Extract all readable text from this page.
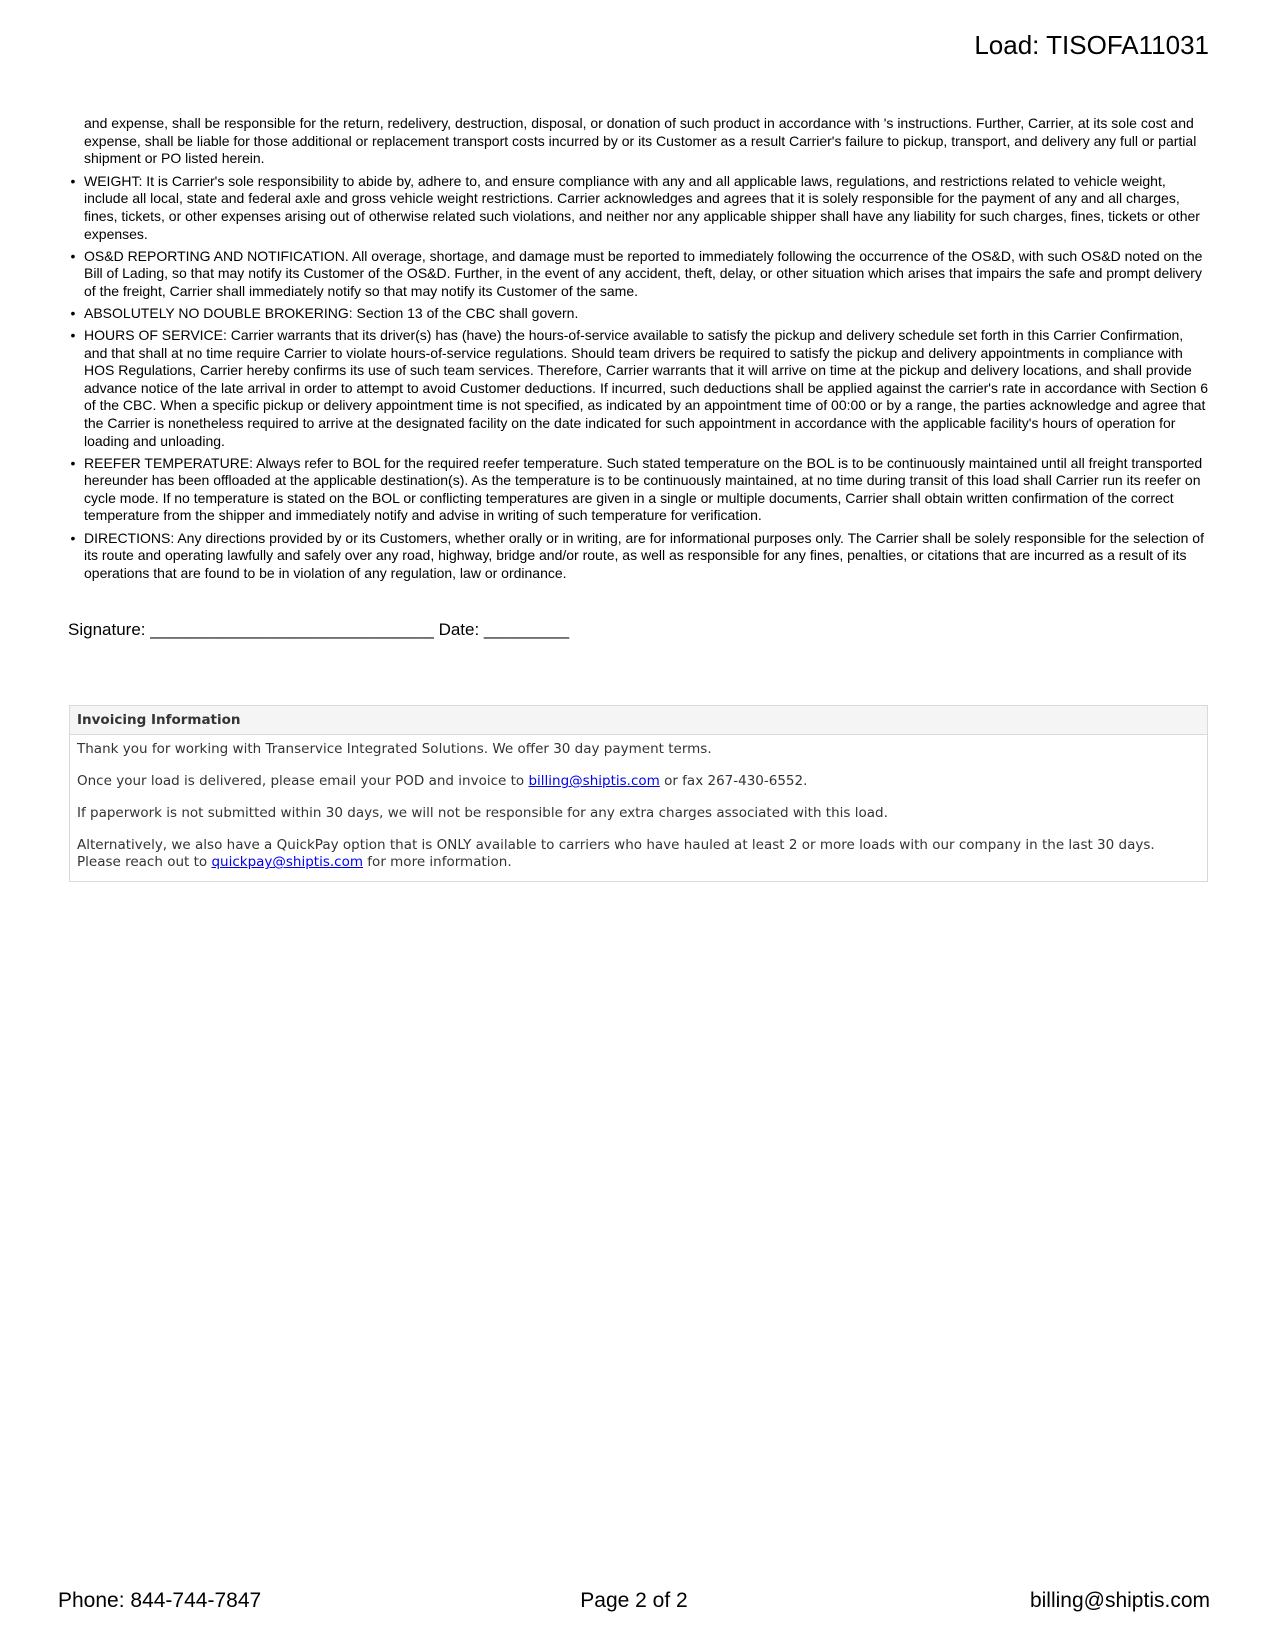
Load: TISOFA11031
and expense, shall be responsible for the return, redelivery, destruction, disposal, or donation of such product in accordance with 's instructions. Further, Carrier, at its sole cost and expense, shall be liable for those additional or replacement transport costs incurred by or its Customer as a result Carrier's failure to pickup, transport, and delivery any full or partial shipment or PO listed herein.
• WEIGHT: It is Carrier's sole responsibility to abide by, adhere to, and ensure compliance with any and all applicable laws, regulations, and restrictions related to vehicle weight, include all local, state and federal axle and gross vehicle weight restrictions. Carrier acknowledges and agrees that it is solely responsible for the payment of any and all charges, fines, tickets, or other expenses arising out of otherwise related such violations, and neither nor any applicable shipper shall have any liability for such charges, fines, tickets or other expenses.
• OS&D REPORTING AND NOTIFICATION. All overage, shortage, and damage must be reported to immediately following the occurrence of the OS&D, with such OS&D noted on the Bill of Lading, so that may notify its Customer of the OS&D. Further, in the event of any accident, theft, delay, or other situation which arises that impairs the safe and prompt delivery of the freight, Carrier shall immediately notify so that may notify its Customer of the same.
• ABSOLUTELY NO DOUBLE BROKERING: Section 13 of the CBC shall govern.
• HOURS OF SERVICE: Carrier warrants that its driver(s) has (have) the hours-of-service available to satisfy the pickup and delivery schedule set forth in this Carrier Confirmation, and that shall at no time require Carrier to violate hours-of-service regulations. Should team drivers be required to satisfy the pickup and delivery appointments in compliance with HOS Regulations, Carrier hereby confirms its use of such team services. Therefore, Carrier warrants that it will arrive on time at the pickup and delivery locations, and shall provide advance notice of the late arrival in order to attempt to avoid Customer deductions. If incurred, such deductions shall be applied against the carrier's rate in accordance with Section 6 of the CBC. When a specific pickup or delivery appointment time is not specified, as indicated by an appointment time of 00:00 or by a range, the parties acknowledge and agree that the Carrier is nonetheless required to arrive at the designated facility on the date indicated for such appointment in accordance with the applicable facility's hours of operation for loading and unloading.
• REEFER TEMPERATURE: Always refer to BOL for the required reefer temperature. Such stated temperature on the BOL is to be continuously maintained until all freight transported hereunder has been offloaded at the applicable destination(s). As the temperature is to be continuously maintained, at no time during transit of this load shall Carrier run its reefer on cycle mode. If no temperature is stated on the BOL or conflicting temperatures are given in a single or multiple documents, Carrier shall obtain written confirmation of the correct temperature from the shipper and immediately notify and advise in writing of such temperature for verification.
• DIRECTIONS: Any directions provided by or its Customers, whether orally or in writing, are for informational purposes only. The Carrier shall be solely responsible for the selection of its route and operating lawfully and safely over any road, highway, bridge and/or route, as well as responsible for any fines, penalties, or citations that are incurred as a result of its operations that are found to be in violation of any regulation, law or ordinance.
Signature: ______________________________ Date: _________
Invoicing Information

Thank you for working with Transervice Integrated Solutions. We offer 30 day payment terms.

Once your load is delivered, please email your POD and invoice to billing@shiptis.com or fax 267-430-6552.

If paperwork is not submitted within 30 days, we will not be responsible for any extra charges associated with this load.

Alternatively, we also have a QuickPay option that is ONLY available to carriers who have hauled at least 2 or more loads with our company in the last 30 days. Please reach out to quickpay@shiptis.com for more information.

Phone: 844-744-7847	Page 2 of 2	billing@shiptis.com
